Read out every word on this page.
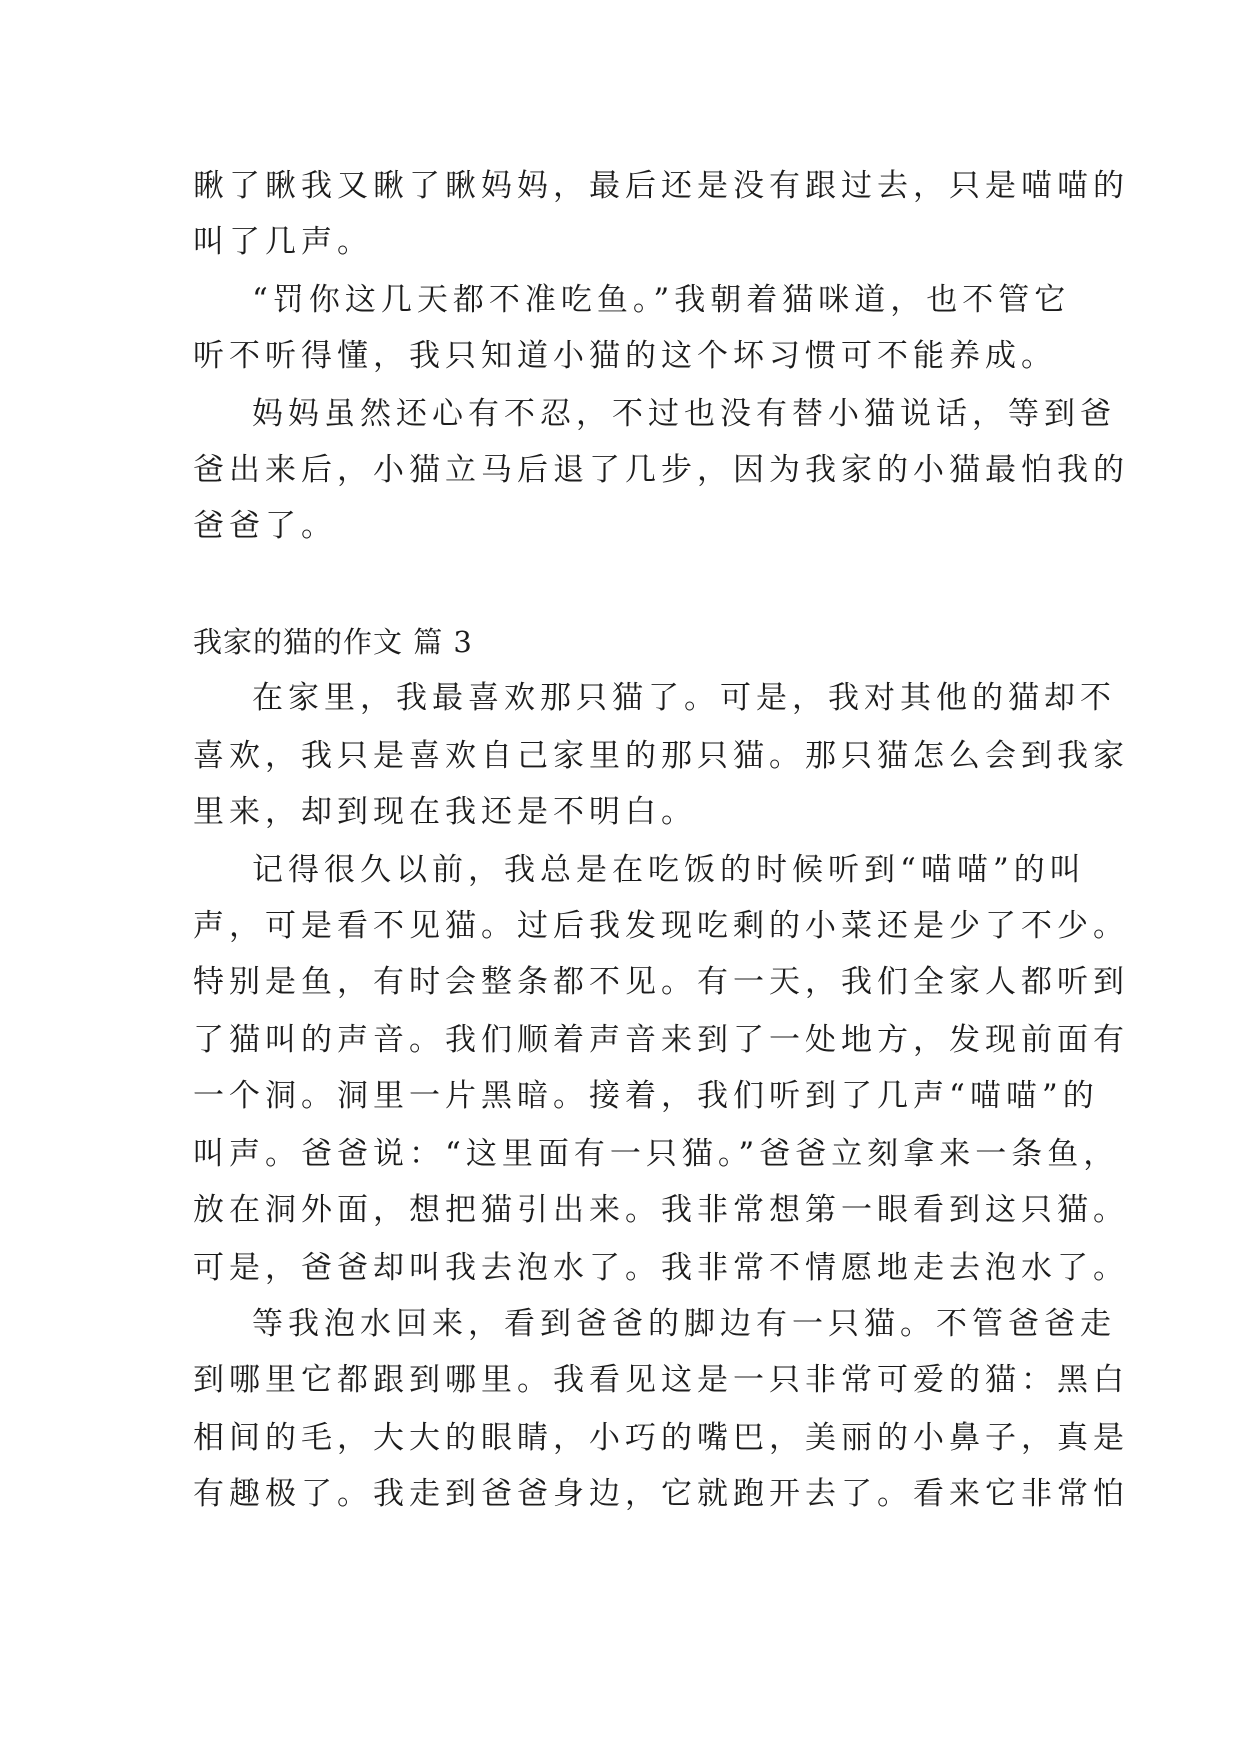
瞅了瞅我又瞅了瞅妈妈，最后还是没有跟过去，只是喵喵的
叫了几声。
“罚你这几天都不准吃鱼。”我朝着猫咪道，也不管它
听不听得懂，我只知道小猫的这个坏习惯可不能养成。
妈妈虽然还心有不忍，不过也没有替小猫说话，等到爸
爸出来后，小猫立马后退了几步，因为我家的小猫最怕我的
爸爸了。
我家的猫的作文 篇 3
在家里，我最喜欢那只猫了。可是，我对其他的猫却不
喜欢，我只是喜欢自己家里的那只猫。那只猫怎么会到我家
里来，却到现在我还是不明白。
记得很久以前，我总是在吃饭的时候听到“喵喵”的叫
声，可是看不见猫。过后我发现吃剩的小菜还是少了不少。
特别是鱼，有时会整条都不见。有一天，我们全家人都听到
了猫叫的声音。我们顺着声音来到了一处地方，发现前面有
一个洞。洞里一片黑暗。接着，我们听到了几声“喵喵”的
叫声。爸爸说：“这里面有一只猫。”爸爸立刻拿来一条鱼，
放在洞外面，想把猫引出来。我非常想第一眼看到这只猫。
可是，爸爸却叫我去泡水了。我非常不情愿地走去泡水了。
等我泡水回来，看到爸爸的脚边有一只猫。不管爸爸走
到哪里它都跟到哪里。我看见这是一只非常可爱的猫：黑白
相间的毛，大大的眼睛，小巧的嘴巴，美丽的小鼻子，真是
有趣极了。我走到爸爸身边，它就跑开去了。看来它非常怕
